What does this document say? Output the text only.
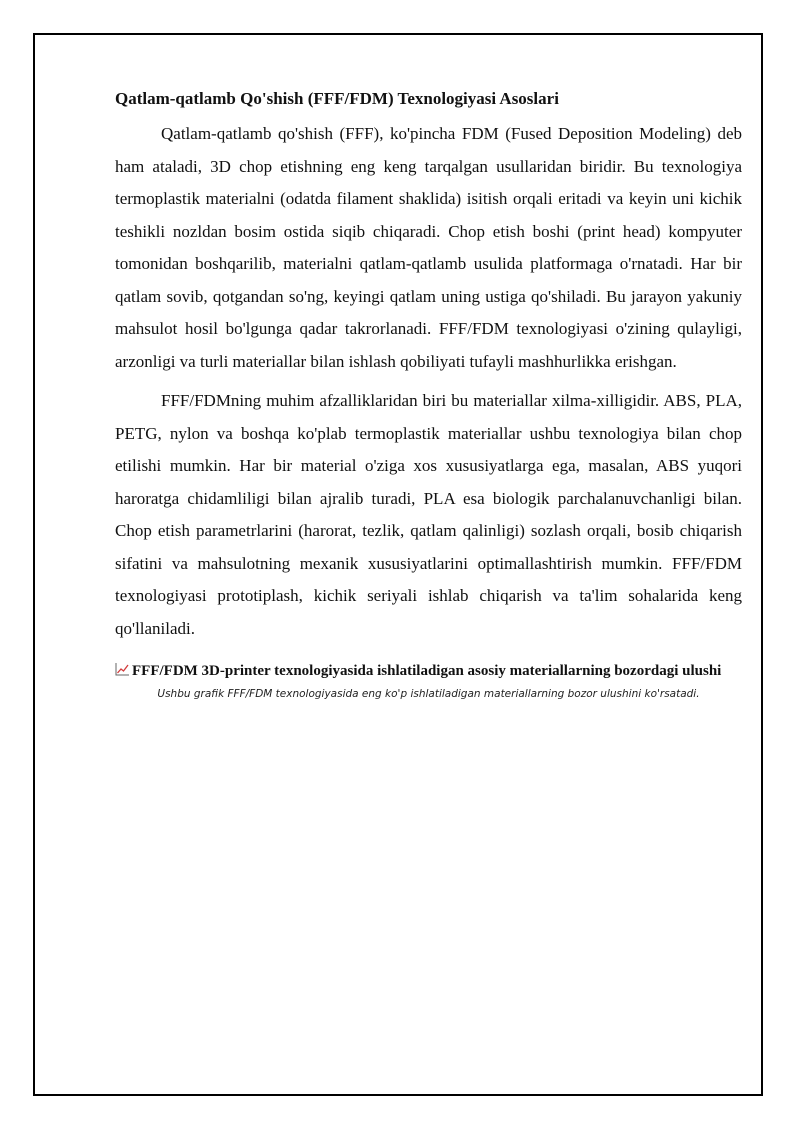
Qatlam-qatlamb Qo'shish (FFF/FDM) Texnologiyasi Asoslari

Qatlam-qatlamb qo'shish (FFF), ko'pincha FDM (Fused Deposition Modeling) deb ham ataladi, 3D chop etishning eng keng tarqalgan usullaridan biridir. Bu texnologiya termoplastik materialni (odatda filament shaklida) isitish orqali eritadi va keyin uni kichik teshikli nozldan bosim ostida siqib chiqaradi. Chop etish boshi (print head) kompyuter tomonidan boshqarilib, materialni qatlam-qatlamb usulida platformaga o'rnatadi. Har bir qatlam sovib, qotgandan so'ng, keyingi qatlam uning ustiga qo'shiladi. Bu jarayon yakuniy mahsulot hosil bo'lgunga qadar takrorlanadi. FFF/FDM texnologiyasi o'zining qulayligi, arzonligi va turli materiallar bilan ishlash qobiliyati tufayli mashhurlikka erishgan.

FFF/FDMning muhim afzalliklaridan biri bu materiallar xilma-xilligidir. ABS, PLA, PETG, nylon va boshqa ko'plab termoplastik materiallar ushbu texnologiya bilan chop etilishi mumkin. Har bir material o'ziga xos xususiyatlarga ega, masalan, ABS yuqori haroratga chidamliligi bilan ajralib turadi, PLA esa biologik parchalanuvchanligi bilan. Chop etish parametrlarini (harorat, tezlik, qatlam qalinligi) sozlash orqali, bosib chiqarish sifatini va mahsulotning mexanik xususiyatlarini optimallashtirish mumkin. FFF/FDM texnologiyasi prototiplash, kichik seriyali ishlab chiqarish va ta'lim sohalarida keng qo'llaniladi.

FFF/FDM 3D-printer texnologiyasida ishlatiladigan asosiy materiallarning bozordagi ulushi
Ushbu grafik FFF/FDM texnologiyasida eng ko'p ishlatiladigan materiallarning bozor ulushini ko'rsatadi.
